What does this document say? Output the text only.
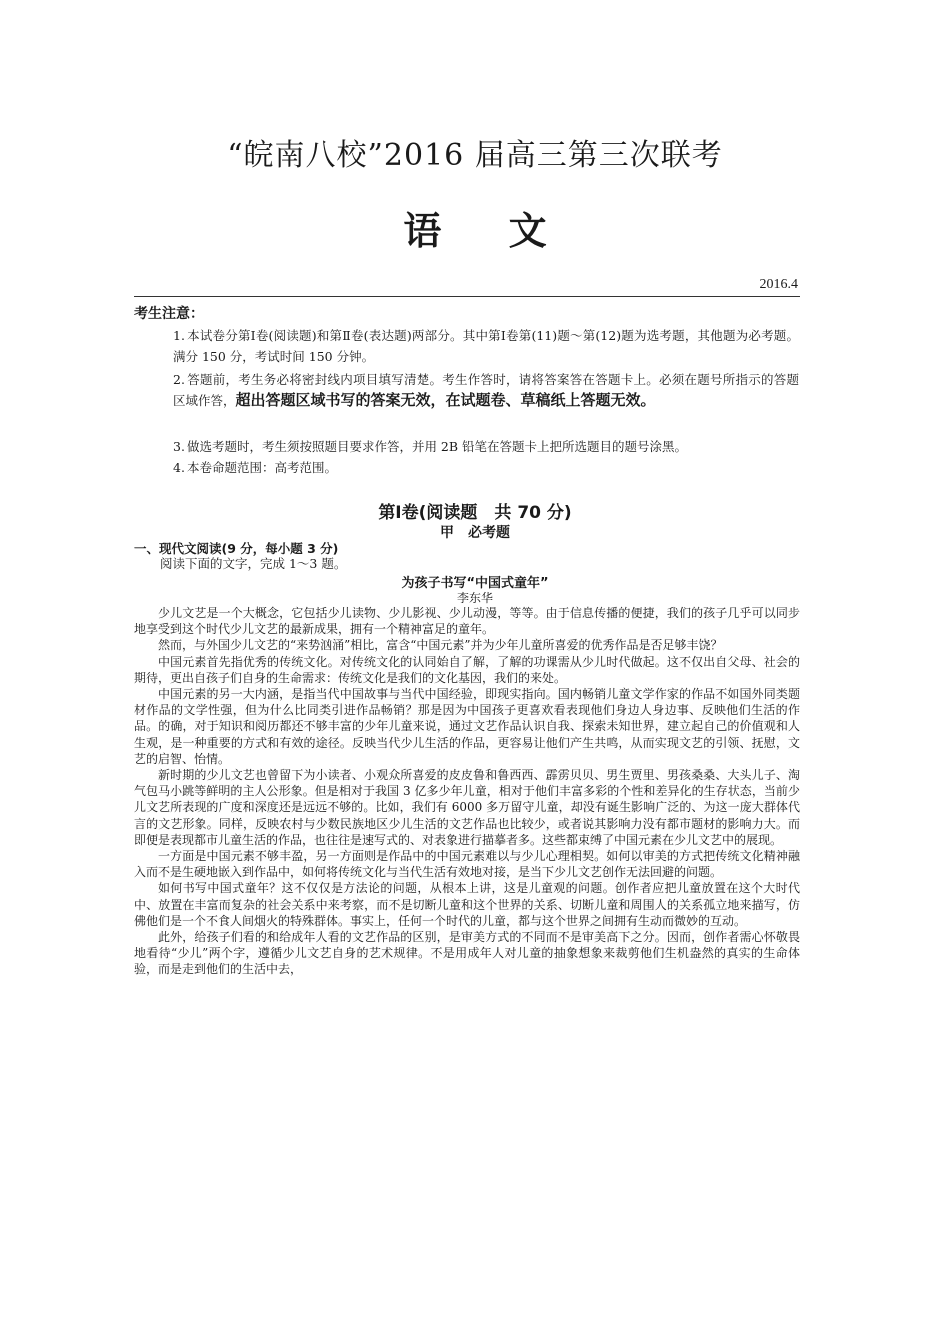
“皖南八校”2016 届高三第三次联考
语 文
2016.4
考生注意：

1. 本试卷分第Ⅰ卷(阅读题)和第Ⅱ卷(表达题)两部分。其中第Ⅰ卷第(11)题～第(12)题为选考题，其他题为必考题。满分 150 分，考试时间 150 分钟。

2. 答题前，考生务必将密封线内项目填写清楚。考生作答时，请将答案答在答题卡上。必须在题号所指示的答题区域作答，超出答题区域书写的答案无效，在试题卷、草稿纸上答题无效。

3. 做选考题时，考生须按照题目要求作答，并用 2B 铅笔在答题卡上把所选题目的题号涂黑。

4. 本卷命题范围：高考范围。

第Ⅰ卷(阅读题　共 70 分)
甲　必考题
一、现代文阅读(9 分，每小题 3 分)
阅读下面的文字，完成 1～3 题。
为孩子书写“中国式童年”
李东华

少儿文艺是一个大概念，它包括少儿读物、少儿影视、少儿动漫，等等。由于信息传播的便捷，我们的孩子几乎可以同步地享受到这个时代少儿文艺的最新成果，拥有一个精神富足的童年。

然而，与外国少儿文艺的“来势汹涌”相比，富含“中国元素”并为少年儿童所喜爱的优秀作品是否足够丰饶？

中国元素首先指优秀的传统文化。对传统文化的认同始自了解，了解的功课需从少儿时代做起。这不仅出自父母、社会的期待，更出自孩子们自身的生命需求：传统文化是我们的文化基因，我们的来处。

中国元素的另一大内涵，是指当代中国故事与当代中国经验，即现实指向。国内畅销儿童文学作家的作品不如国外同类题材作品的文学性强，但为什么比同类引进作品畅销？那是因为中国孩子更喜欢看表现他们身边人身边事、反映他们生活的作品。的确，对于知识和阅历都还不够丰富的少年儿童来说，通过文艺作品认识自我、探索未知世界，建立起自己的价值观和人生观，是一种重要的方式和有效的途径。反映当代少儿生活的作品，更容易让他们产生共鸣，从而实现文艺的引领、抚慰，文艺的启智、怡情。

新时期的少儿文艺也曾留下为小读者、小观众所喜爱的皮皮鲁和鲁西西、霹雳贝贝、男生贾里、男孩桑桑、大头儿子、淘气包马小跳等鲜明的主人公形象。但是相对于我国 3 亿多少年儿童，相对于他们丰富多彩的个性和差异化的生存状态，当前少儿文艺所表现的广度和深度还是远远不够的。比如，我们有 6000 多万留守儿童，却没有诞生影响广泛的、为这一庞大群体代言的文艺形象。同样，反映农村与少数民族地区少儿生活的文艺作品也比较少，或者说其影响力没有都市题材的影响力大。而即便是表现都市儿童生活的作品，也往往是速写式的、对表象进行描摹者多。这些都束缚了中国元素在少儿文艺中的展现。

一方面是中国元素不够丰盈，另一方面则是作品中的中国元素难以与少儿心理相契。如何以审美的方式把传统文化精神融入而不是生硬地嵌入到作品中，如何将传统文化与当代生活有效地对接，是当下少儿文艺创作无法回避的问题。

如何书写中国式童年？这不仅仅是方法论的问题，从根本上讲，这是儿童观的问题。创作者应把儿童放置在这个大时代中、放置在丰富而复杂的社会关系中来考察，而不是切断儿童和这个世界的关系、切断儿童和周围人的关系孤立地来描写，仿佛他们是一个不食人间烟火的特殊群体。事实上，任何一个时代的儿童，都与这个世界之间拥有生动而微妙的互动。

此外，给孩子们看的和给成年人看的文艺作品的区别，是审美方式的不同而不是审美高下之分。因而，创作者需心怀敬畏地看待“少儿”两个字，遵循少儿文艺自身的艺术规律。不是用成年人对儿童的抽象想象来裁剪他们生机盎然的真实的生命体验，而是走到他们的生活中去，
